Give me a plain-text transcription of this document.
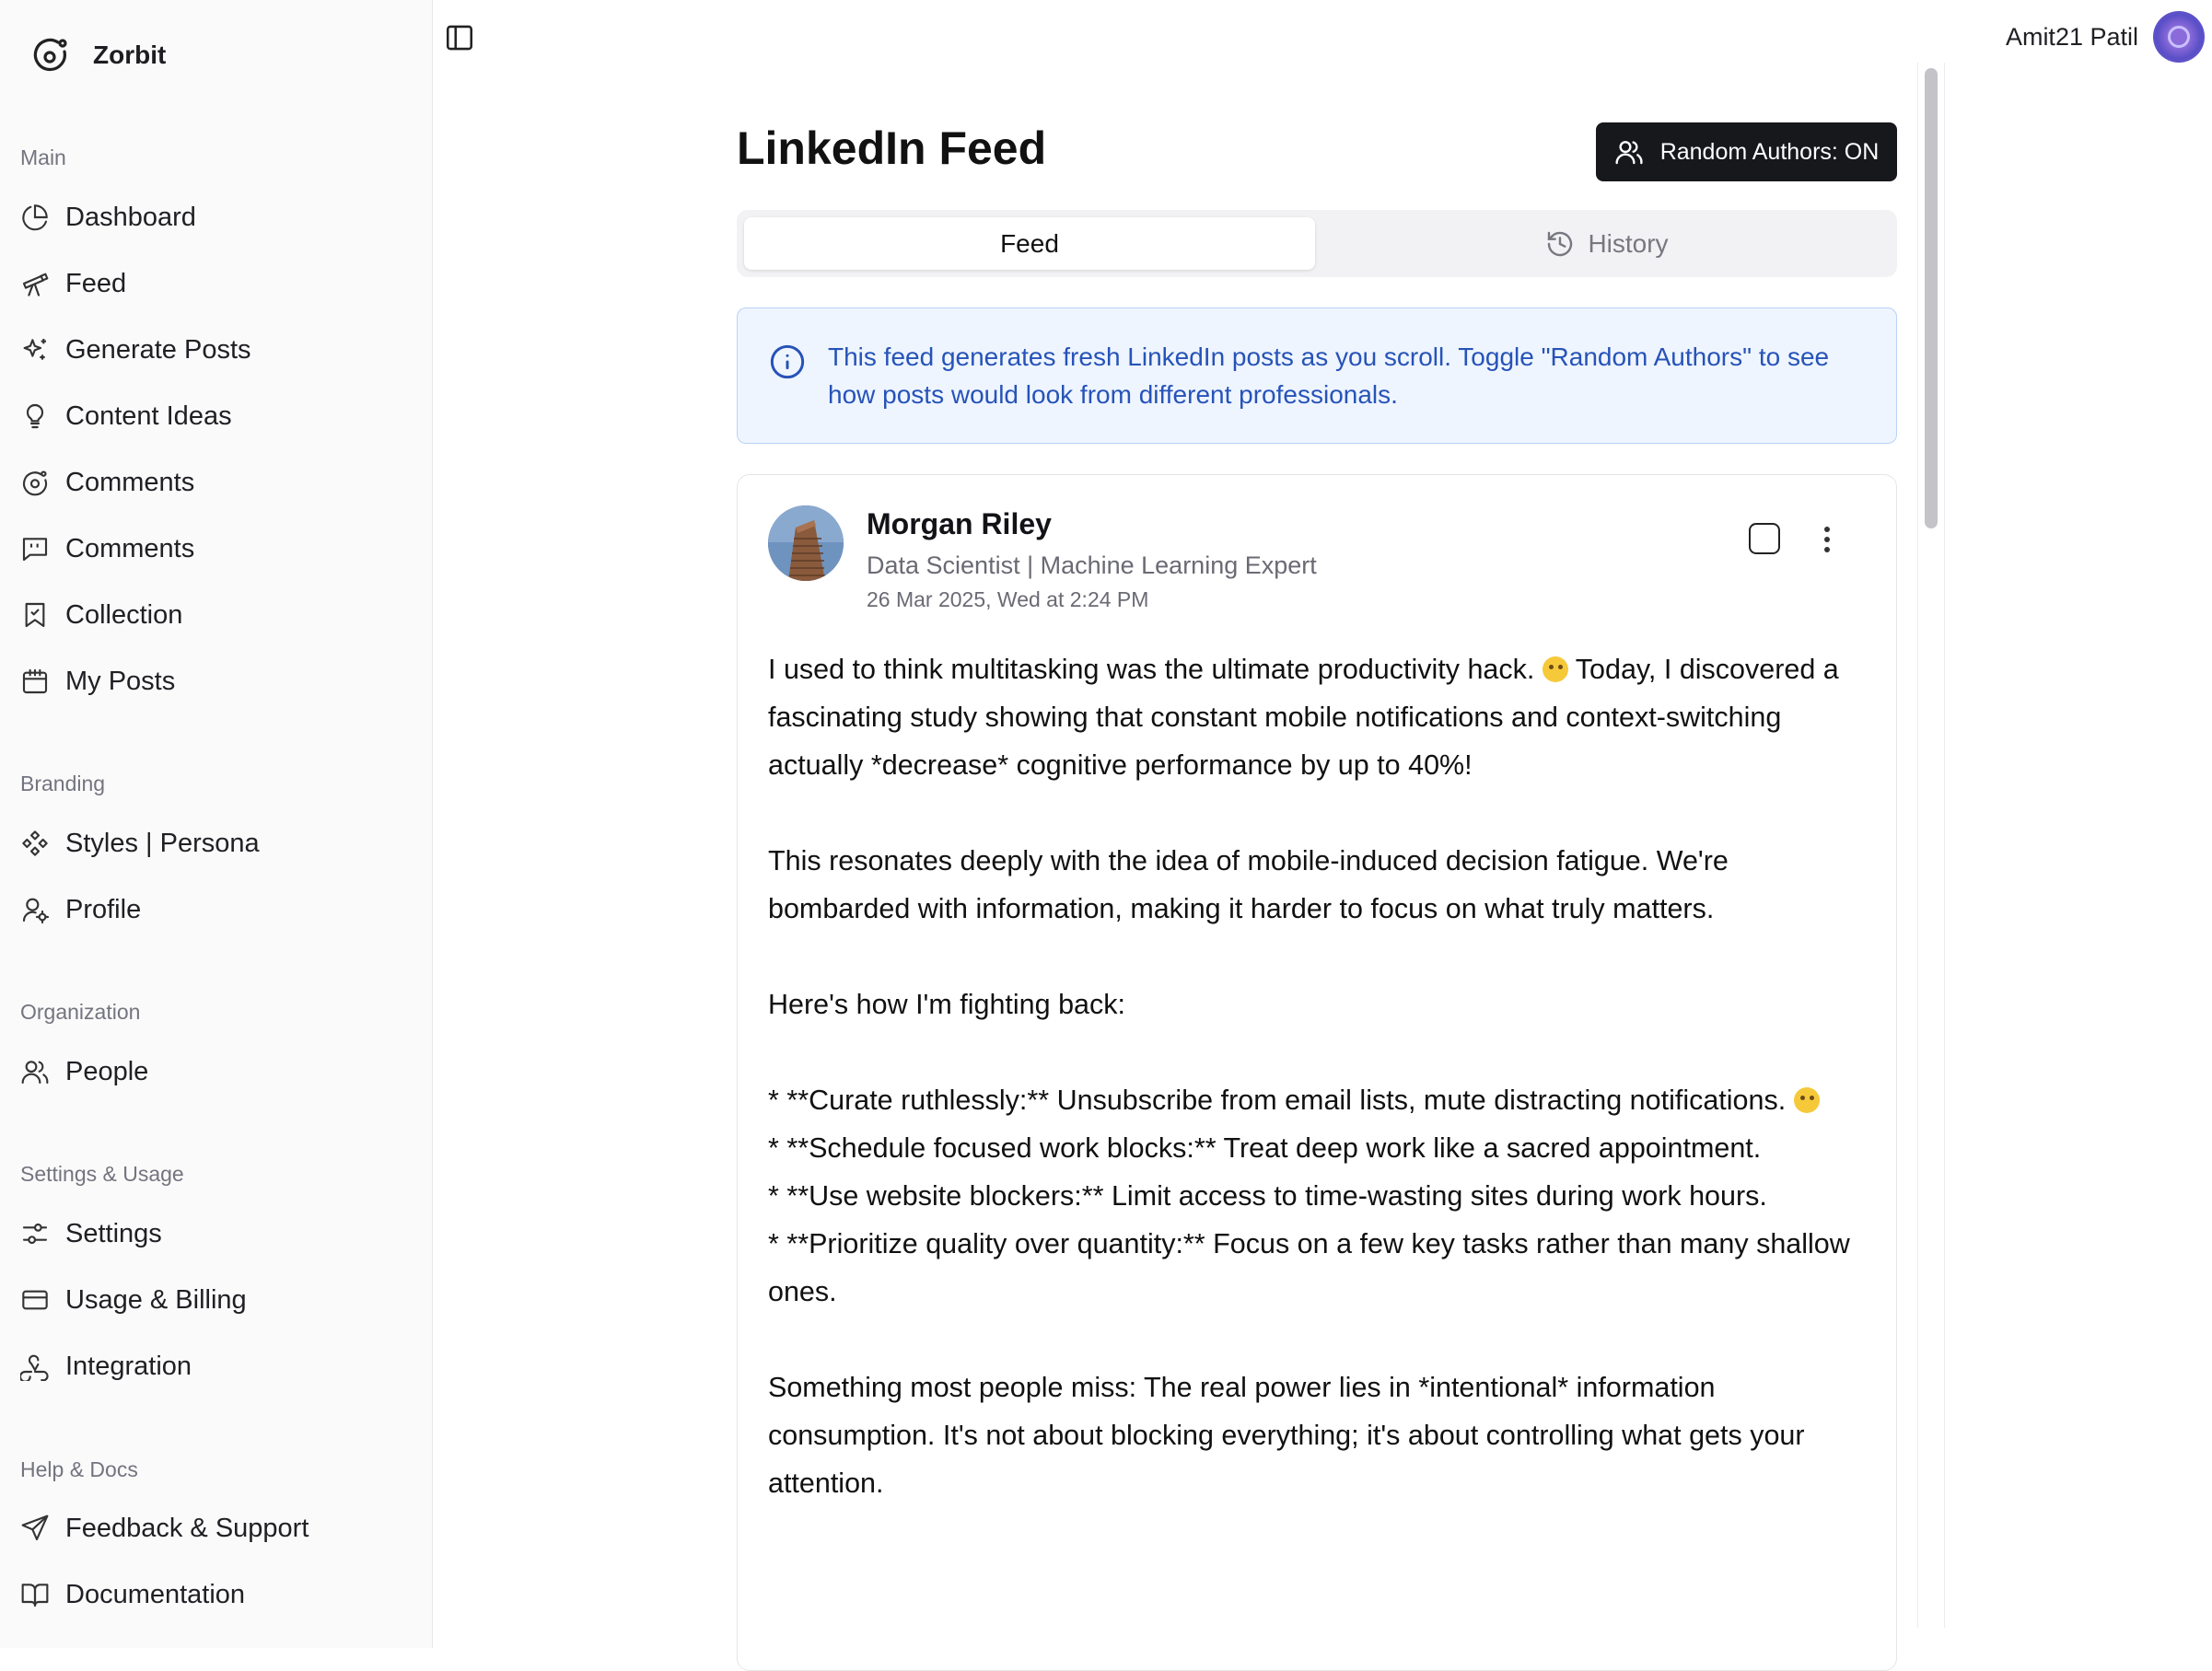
Zorbit
Main
Dashboard
Feed
Generate Posts
Content Ideas
Comments
Comments
Collection
My Posts
Branding
Styles | Persona
Profile
Organization
People
Settings & Usage
Settings
Usage & Billing
Integration
Help & Docs
Feedback & Support
Documentation
Amit21 Patil
LinkedIn Feed	Random Authors: ON
Feed	History
This feed generates fresh LinkedIn posts as you scroll. Toggle "Random Authors" to see how posts would look from different professionals.
Morgan Riley
Data Scientist | Machine Learning Expert
26 Mar 2025, Wed at 2:24 PM

I used to think multitasking was the ultimate productivity hack. Today, I discovered a fascinating study showing that constant mobile notifications and context-switching actually *decrease* cognitive performance by up to 40%!

This resonates deeply with the idea of mobile-induced decision fatigue. We're bombarded with information, making it harder to focus on what truly matters.

Here's how I'm fighting back:

* **Curate ruthlessly:** Unsubscribe from email lists, mute distracting notifications.

* **Schedule focused work blocks:** Treat deep work like a sacred appointment.

* **Use website blockers:** Limit access to time-wasting sites during work hours.

* **Prioritize quality over quantity:** Focus on a few key tasks rather than many shallow ones.

Something most people miss: The real power lies in *intentional* information consumption. It's not about blocking everything; it's about controlling what gets your attention.
